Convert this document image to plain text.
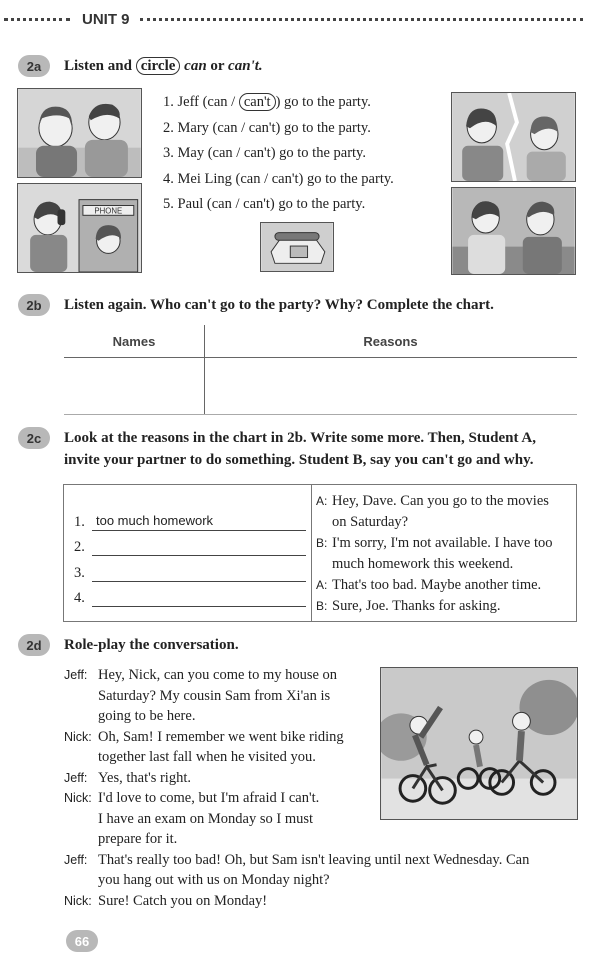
UNIT 9
2a	Listen and circle can or can't.
PHONE
1. Jeff (can / can't ) go to the party.
2. Mary (can / can't) go to the party.
3. May (can / can't) go to the party.
4. Mei Ling (can / can't) go to the party.
5. Paul (can / can't) go to the party.
2b	Listen again. Who can't go to the party? Why? Complete the chart.
Names	Reasons
2c	Look at the reasons in the chart in 2b. Write some more. Then, Student A,
invite your partner to do something. Student B, say you can't go and why.
1. too much homework
2.
3.
4.
A: Hey, Dave. Can you go to the movies
on Saturday?
B: I'm sorry, I'm not available. I have too
much homework this weekend.
A: That's too bad. Maybe another time.
B: Sure, Joe. Thanks for asking.
2d	Role-play the conversation.
Jeff: Hey, Nick, can you come to my house on
Saturday? My cousin Sam from Xi'an is
going to be here.
Nick: Oh, Sam! I remember we went bike riding
together last fall when he visited you.
Jeff: Yes, that's right.
Nick: I'd love to come, but I'm afraid I can't.
I have an exam on Monday so I must
prepare for it.
Jeff: That's really too bad! Oh, but Sam isn't leaving until next Wednesday. Can
you hang out with us on Monday night?
Nick: Sure! Catch you on Monday!
66
